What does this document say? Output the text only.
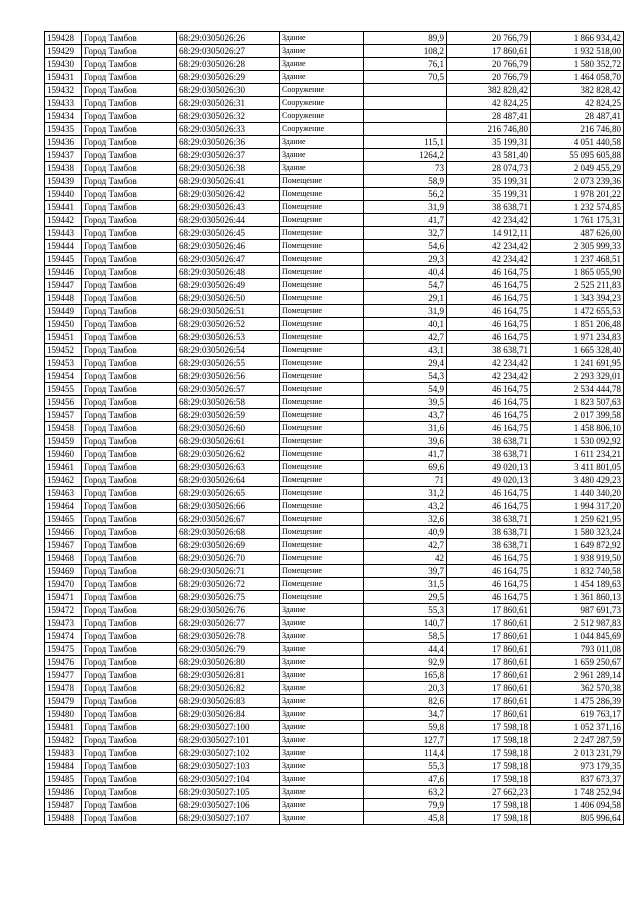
159428	Город Тамбов	68:29:0305026:26	Здание	89,9	20 766,79	1 866 934,42
159429	Город Тамбов	68:29:0305026:27	Здание	108,2	17 860,61	1 932 518,00
159430	Город Тамбов	68:29:0305026:28	Здание	76,1	20 766,79	1 580 352,72
159431	Город Тамбов	68:29:0305026:29	Здание	70,5	20 766,79	1 464 058,70
159432	Город Тамбов	68:29:0305026:30	Сооружение		382 828,42	382 828,42
159433	Город Тамбов	68:29:0305026:31	Сооружение		42 824,25	42 824,25
159434	Город Тамбов	68:29:0305026:32	Сооружение		28 487,41	28 487,41
159435	Город Тамбов	68:29:0305026:33	Сооружение		216 746,80	216 746,80
159436	Город Тамбов	68:29:0305026:36	Здание	115,1	35 199,31	4 051 440,58
159437	Город Тамбов	68:29:0305026:37	Здание	1264,2	43 581,40	55 095 605,88
159438	Город Тамбов	68:29:0305026:38	Здание	73	28 074,73	2 049 455,29
159439	Город Тамбов	68:29:0305026:41	Помещение	58,9	35 199,31	2 073 239,36
159440	Город Тамбов	68:29:0305026:42	Помещение	56,2	35 199,31	1 978 201,22
159441	Город Тамбов	68:29:0305026:43	Помещение	31,9	38 638,71	1 232 574,85
159442	Город Тамбов	68:29:0305026:44	Помещение	41,7	42 234,42	1 761 175,31
159443	Город Тамбов	68:29:0305026:45	Помещение	32,7	14 912,11	487 626,00
159444	Город Тамбов	68:29:0305026:46	Помещение	54,6	42 234,42	2 305 999,33
159445	Город Тамбов	68:29:0305026:47	Помещение	29,3	42 234,42	1 237 468,51
159446	Город Тамбов	68:29:0305026:48	Помещение	40,4	46 164,75	1 865 055,90
159447	Город Тамбов	68:29:0305026:49	Помещение	54,7	46 164,75	2 525 211,83
159448	Город Тамбов	68:29:0305026:50	Помещение	29,1	46 164,75	1 343 394,23
159449	Город Тамбов	68:29:0305026:51	Помещение	31,9	46 164,75	1 472 655,53
159450	Город Тамбов	68:29:0305026:52	Помещение	40,1	46 164,75	1 851 206,48
159451	Город Тамбов	68:29:0305026:53	Помещение	42,7	46 164,75	1 971 234,83
159452	Город Тамбов	68:29:0305026:54	Помещение	43,1	38 638,71	1 665 328,40
159453	Город Тамбов	68:29:0305026:55	Помещение	29,4	42 234,42	1 241 691,95
159454	Город Тамбов	68:29:0305026:56	Помещение	54,3	42 234,42	2 293 329,01
159455	Город Тамбов	68:29:0305026:57	Помещение	54,9	46 164,75	2 534 444,78
159456	Город Тамбов	68:29:0305026:58	Помещение	39,5	46 164,75	1 823 507,63
159457	Город Тамбов	68:29:0305026:59	Помещение	43,7	46 164,75	2 017 399,58
159458	Город Тамбов	68:29:0305026:60	Помещение	31,6	46 164,75	1 458 806,10
159459	Город Тамбов	68:29:0305026:61	Помещение	39,6	38 638,71	1 530 092,92
159460	Город Тамбов	68:29:0305026:62	Помещение	41,7	38 638,71	1 611 234,21
159461	Город Тамбов	68:29:0305026:63	Помещение	69,6	49 020,13	3 411 801,05
159462	Город Тамбов	68:29:0305026:64	Помещение	71	49 020,13	3 480 429,23
159463	Город Тамбов	68:29:0305026:65	Помещение	31,2	46 164,75	1 440 340,20
159464	Город Тамбов	68:29:0305026:66	Помещение	43,2	46 164,75	1 994 317,20
159465	Город Тамбов	68:29:0305026:67	Помещение	32,6	38 638,71	1 259 621,95
159466	Город Тамбов	68:29:0305026:68	Помещение	40,9	38 638,71	1 580 323,24
159467	Город Тамбов	68:29:0305026:69	Помещение	42,7	38 638,71	1 649 872,92
159468	Город Тамбов	68:29:0305026:70	Помещение	42	46 164,75	1 938 919,50
159469	Город Тамбов	68:29:0305026:71	Помещение	39,7	46 164,75	1 832 740,58
159470	Город Тамбов	68:29:0305026:72	Помещение	31,5	46 164,75	1 454 189,63
159471	Город Тамбов	68:29:0305026:75	Помещение	29,5	46 164,75	1 361 860,13
159472	Город Тамбов	68:29:0305026:76	Здание	55,3	17 860,61	987 691,73
159473	Город Тамбов	68:29:0305026:77	Здание	140,7	17 860,61	2 512 987,83
159474	Город Тамбов	68:29:0305026:78	Здание	58,5	17 860,61	1 044 845,69
159475	Город Тамбов	68:29:0305026:79	Здание	44,4	17 860,61	793 011,08
159476	Город Тамбов	68:29:0305026:80	Здание	92,9	17 860,61	1 659 250,67
159477	Город Тамбов	68:29:0305026:81	Здание	165,8	17 860,61	2 961 289,14
159478	Город Тамбов	68:29:0305026:82	Здание	20,3	17 860,61	362 570,38
159479	Город Тамбов	68:29:0305026:83	Здание	82,6	17 860,61	1 475 286,39
159480	Город Тамбов	68:29:0305026:84	Здание	34,7	17 860,61	619 763,17
159481	Город Тамбов	68:29:0305027:100	Здание	59,8	17 598,18	1 052 371,16
159482	Город Тамбов	68:29:0305027:101	Здание	127,7	17 598,18	2 247 287,59
159483	Город Тамбов	68:29:0305027:102	Здание	114,4	17 598,18	2 013 231,79
159484	Город Тамбов	68:29:0305027:103	Здание	55,3	17 598,18	973 179,35
159485	Город Тамбов	68:29:0305027:104	Здание	47,6	17 598,18	837 673,37
159486	Город Тамбов	68:29:0305027:105	Здание	63,2	27 662,23	1 748 252,94
159487	Город Тамбов	68:29:0305027:106	Здание	79,9	17 598,18	1 406 094,58
159488	Город Тамбов	68:29:0305027:107	Здание	45,8	17 598,18	805 996,64
